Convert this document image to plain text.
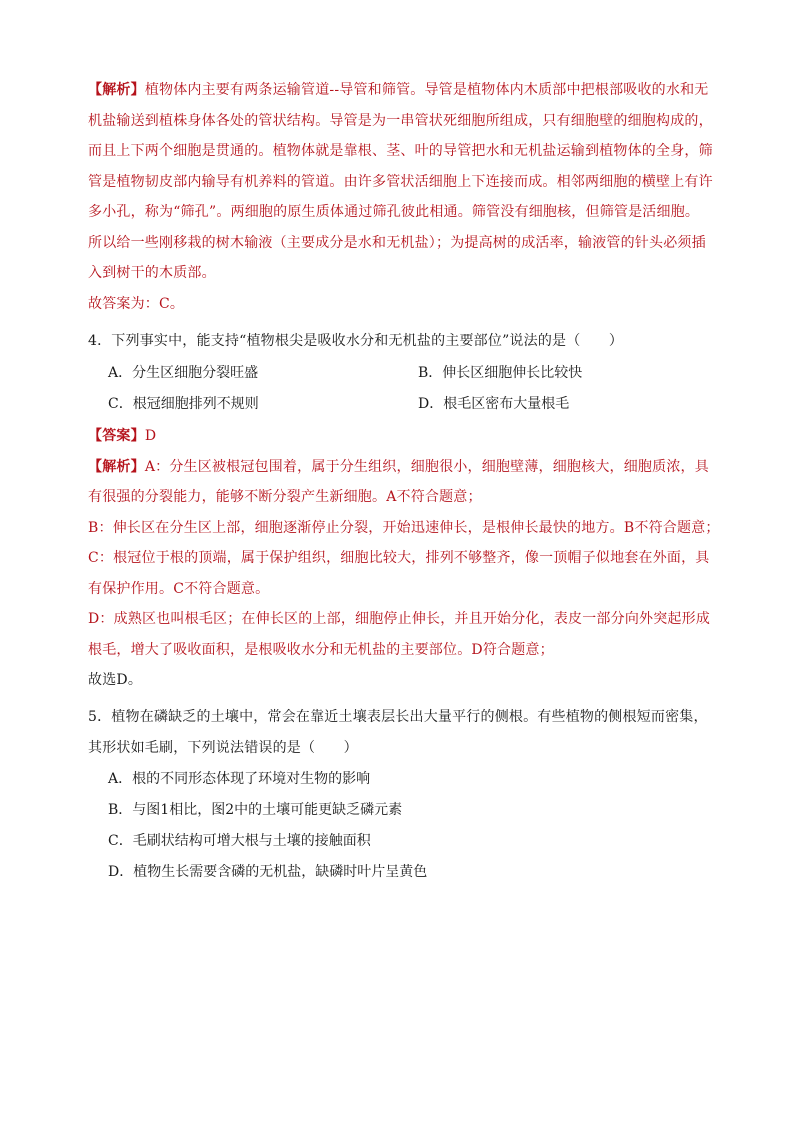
【解析】植物体内主要有两条运输管道--导管和筛管。导管是植物体内木质部中把根部吸收的水和无
机盐输送到植株身体各处的管状结构。导管是为一串管状死细胞所组成，只有细胞壁的细胞构成的，
而且上下两个细胞是贯通的。植物体就是靠根、茎、叶的导管把水和无机盐运输到植物体的全身，筛
管是植物韧皮部内输导有机养料的管道。由许多管状活细胞上下连接而成。相邻两细胞的横壁上有许
多小孔，称为“筛孔”。两细胞的原生质体通过筛孔彼此相通。筛管没有细胞核，但筛管是活细胞。
所以给一些刚移栽的树木输液（主要成分是水和无机盐）；为提高树的成活率，输液管的针头必须插
入到树干的木质部。
故答案为：C。
4．下列事实中，能支持“植物根尖是吸收水分和无机盐的主要部位”说法的是（　　）
A．分生区细胞分裂旺盛	B．伸长区细胞伸长比较快
C．根冠细胞排列不规则	D．根毛区密布大量根毛
【答案】D
【解析】A：分生区被根冠包围着，属于分生组织，细胞很小，细胞壁薄，细胞核大，细胞质浓，具
有很强的分裂能力，能够不断分裂产生新细胞。A不符合题意；
B：伸长区在分生区上部，细胞逐渐停止分裂，开始迅速伸长，是根伸长最快的地方。B不符合题意；
C：根冠位于根的顶端，属于保护组织，细胞比较大，排列不够整齐，像一顶帽子似地套在外面，具
有保护作用。C不符合题意。
D：成熟区也叫根毛区；在伸长区的上部，细胞停止伸长，并且开始分化，表皮一部分向外突起形成
根毛，增大了吸收面积，是根吸收水分和无机盐的主要部位。D符合题意；
故选D。
5．植物在磷缺乏的土壤中，常会在靠近土壤表层长出大量平行的侧根。有些植物的侧根短而密集，
其形状如毛刷，下列说法错误的是（　　）
A．根的不同形态体现了环境对生物的影响
B．与图1相比，图2中的土壤可能更缺乏磷元素
C．毛刷状结构可增大根与土壤的接触面积
D．植物生长需要含磷的无机盐，缺磷时叶片呈黄色
